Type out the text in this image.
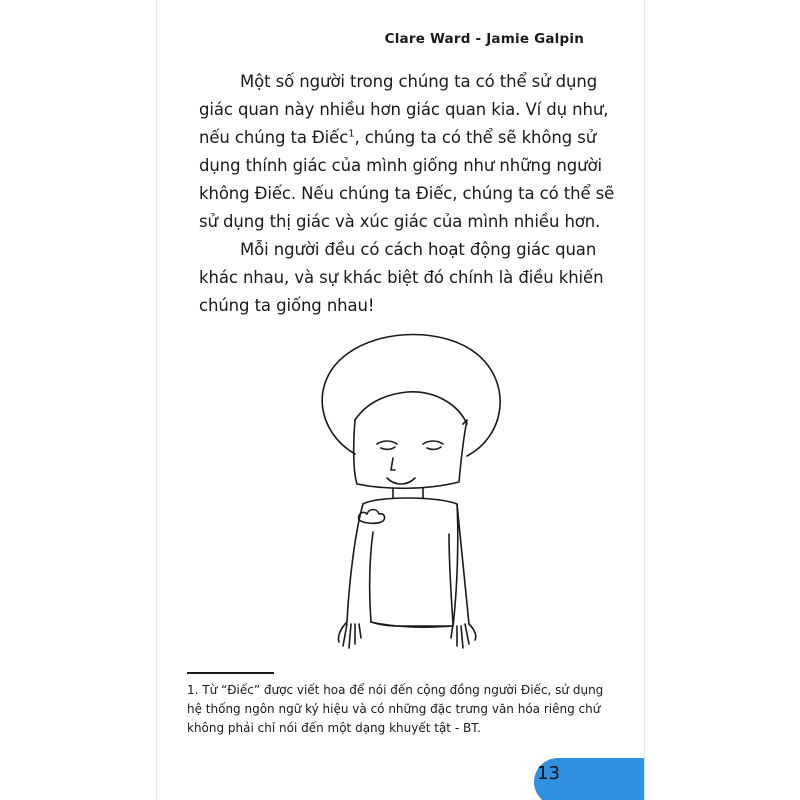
Clare Ward - Jamie Galpin

Một số người trong chúng ta có thể sử dụng
giác quan này nhiều hơn giác quan kia. Ví dụ như,
nếu chúng ta Điếc$^1$, chúng ta có thể sẽ không sử
dụng thính giác của mình giống như những người
không Điếc. Nếu chúng ta Điếc, chúng ta có thể sẽ
sử dụng thị giác và xúc giác của mình nhiều hơn.

Mỗi người đều có cách hoạt động giác quan
khác nhau, và sự khác biệt đó chính là điều khiến
chúng ta giống nhau!

1. Từ “Điếc” được viết hoa để nói đến cộng đồng người Điếc, sử dụng
hệ thống ngôn ngữ ký hiệu và có những đặc trưng văn hóa riêng chứ
không phải chỉ nói đến một dạng khuyết tật - BT.

13
